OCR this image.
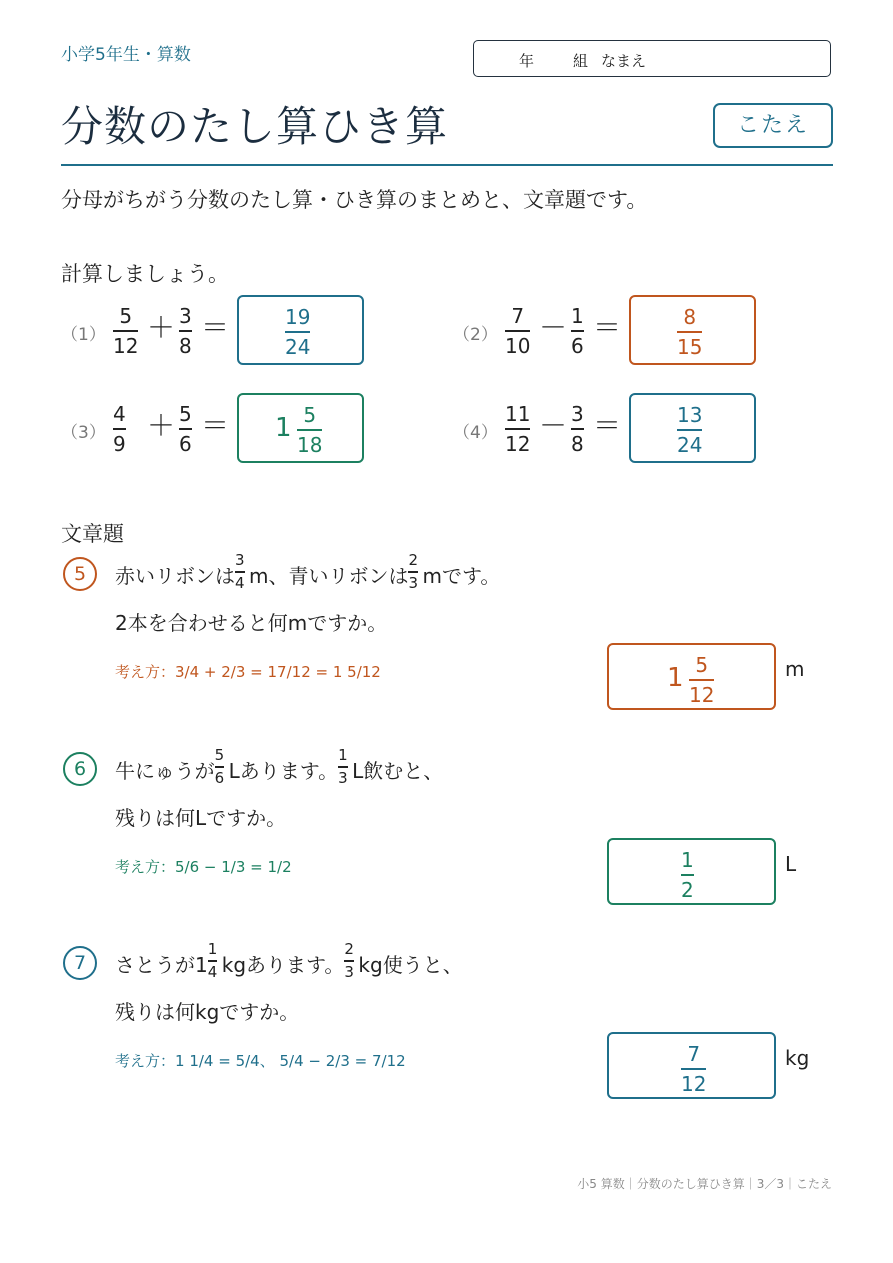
小学5年生・算数	年	組 なまえ
分数のたし算ひき算	こたえ
分母がちがう分数のたし算・ひき算のまとめと、文章題です。
計算しましょう。
（1）
5
12
＋ 3
8
＝	19
24	（2）
7
10
－ 1
6
＝	8
15
（3）
4
9
＋ 5
6
＝ 1 5
18	（4）
11
12
－ 3
8
＝	13
24
文章題
5	赤いリボンは
3
4 m、青いリボンは
2
3 mです。
2本を合わせると何mですか。
考え方：3/4 + 2/3 = 17/12 = 1 5/12	1 5
12
m
6	牛にゅうが
5
6 Lあります。
1
3 L飲むと、
残りは何Lですか。
考え方：5/6 − 1/3 = 1/2	1
2
L
7	さとうが1
1
4 kgあります。
2
3 kg使うと、
残りは何kgですか。
考え方：1 1/4 = 5/4、 5/4 − 2/3 = 7/12	7
12
kg
小5 算数｜分数のたし算ひき算｜3／3｜こたえ
